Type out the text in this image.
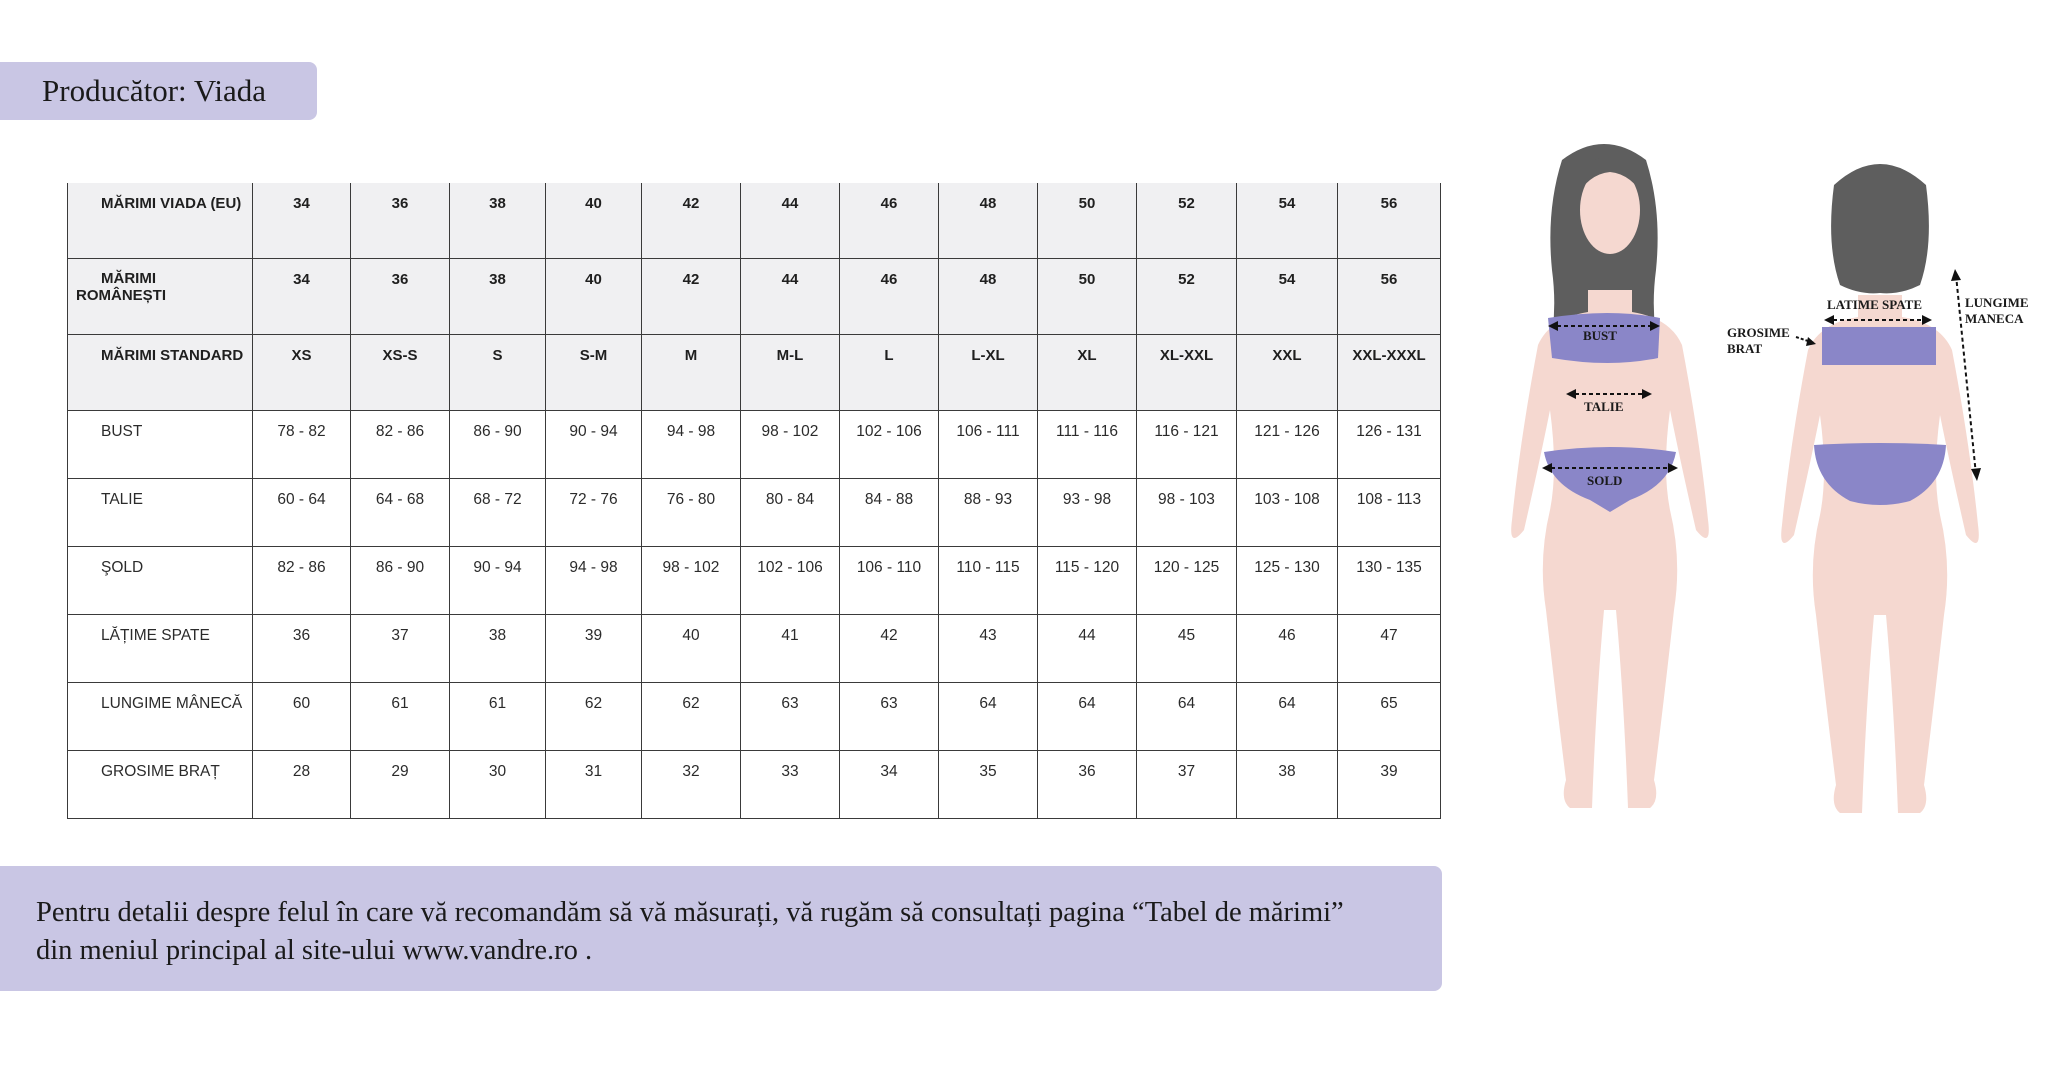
Producător: Viada
MĂRIMI VIADA (EU)	34	36	38	40	42	44	46	48	50	52	54	56

MĂRIMI
ROMÂNEȘTI	34	36	38	40	42	44	46	48	50	52	54	56

MĂRIMI STANDARD	XS	XS-S	S	S-M	M	M-L	L	L-XL	XL	XL-XXL	XXL	XXL-XXXL

BUST	78 - 82	82 - 86	86 - 90	90 - 94	94 - 98	98 - 102	102 - 106	106 - 111	111 - 116	116 - 121	121 - 126	126 - 131

TALIE	60 - 64	64 - 68	68 - 72	72 - 76	76 - 80	80 - 84	84 - 88	88 - 93	93 - 98	98 - 103	103 - 108	108 - 113

ŞOLD	82 - 86	86 - 90	90 - 94	94 - 98	98 - 102	102 - 106	106 - 110	110 - 115	115 - 120	120 - 125	125 - 130	130 - 135

LĂȚIME SPATE	36	37	38	39	40	41	42	43	44	45	46	47

LUNGIME MÂNECĂ	60	61	61	62	62	63	63	64	64	64	64	65

GROSIME BRAȚ	28	29	30	31	32	33	34	35	36	37	38	39

Pentru detalii despre felul în care vă recomandăm să vă măsurați, vă rugăm să consultați pagina “Tabel de mărimi”
din meniul principal al site-ului www.vandre.ro .

BUST
TALIE
SOLD
LATIME SPATE	LUNGIME
MANECA
GROSIME
BRAT
